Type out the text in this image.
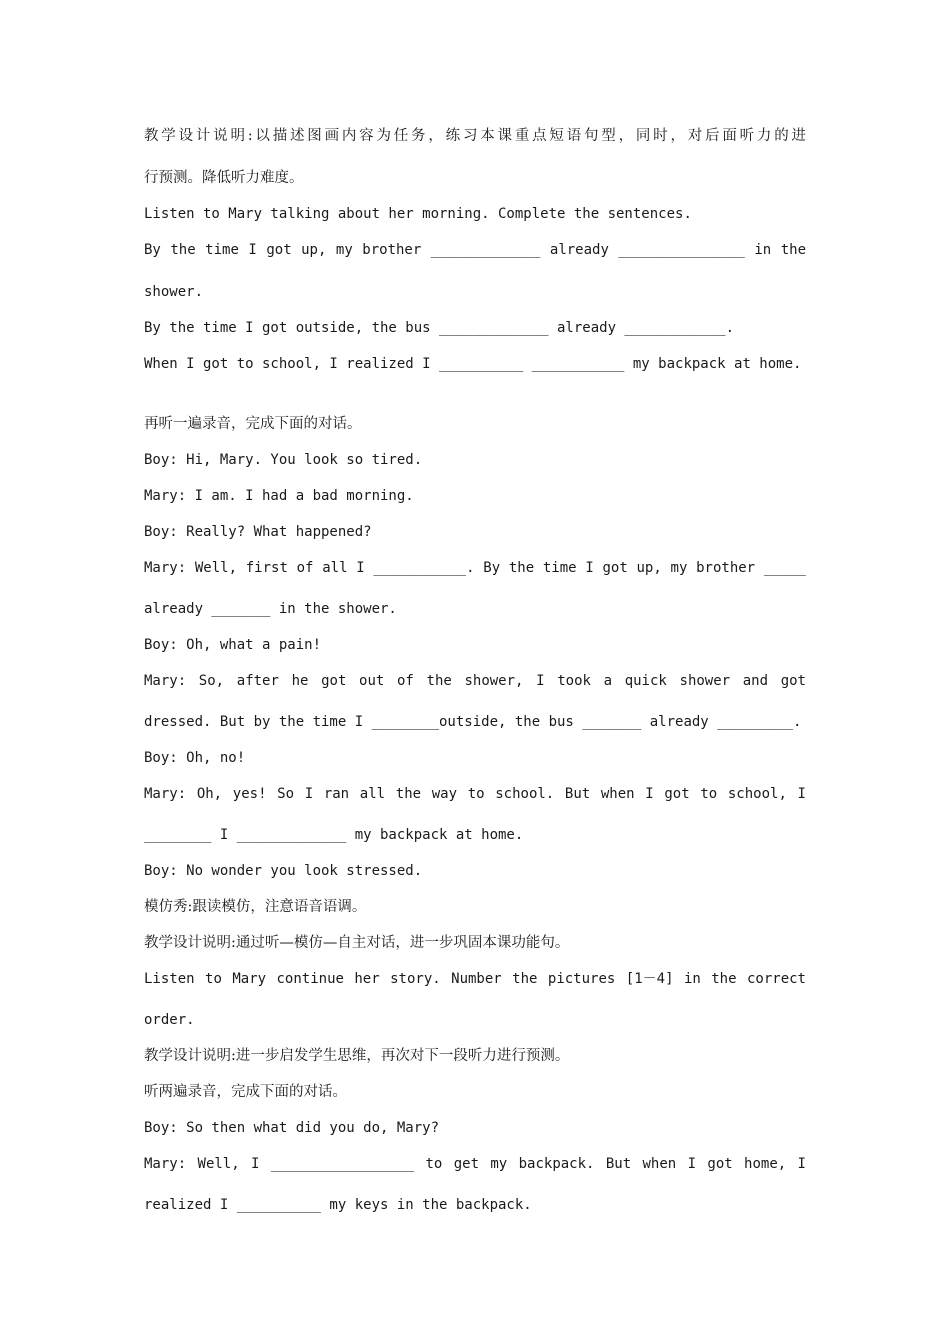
教学设计说明:以描述图画内容为任务，练习本课重点短语句型，同时，对后面听力的进
行预测。降低听力难度。
Listen to Mary talking about her morning. Complete the sentences.
By the time I got up, my brother _____________ already _______________ in the
shower.
By the time I got outside, the bus _____________ already ____________.
When I got to school, I realized I __________ ___________ my backpack at home.
再听一遍录音，完成下面的对话。
Boy: Hi, Mary. You look so tired.
Mary: I am. I had a bad morning.
Boy: Really? What happened?
Mary: Well, first of all I ___________. By the time I got up, my brother _____
already _______ in the shower.
Boy: Oh, what a pain!
Mary: So, after he got out of the shower, I took a quick shower and got
dressed. But by the time I ________outside, the bus _______ already _________.
Boy: Oh, no!
Mary: Oh, yes! So I ran all the way to school. But when I got to school, I
________ I _____________ my backpack at home.
Boy: No wonder you look stressed.
模仿秀:跟读模仿，注意语音语调。
教学设计说明:通过听—模仿—自主对话，进一步巩固本课功能句。
Listen to Mary continue her story. Number the pictures [1－4] in the correct
order.
教学设计说明:进一步启发学生思维，再次对下一段听力进行预测。
听两遍录音，完成下面的对话。
Boy: So then what did you do, Mary?
Mary: Well, I _________________ to get my backpack. But when I got home, I
realized I __________ my keys in the backpack.
